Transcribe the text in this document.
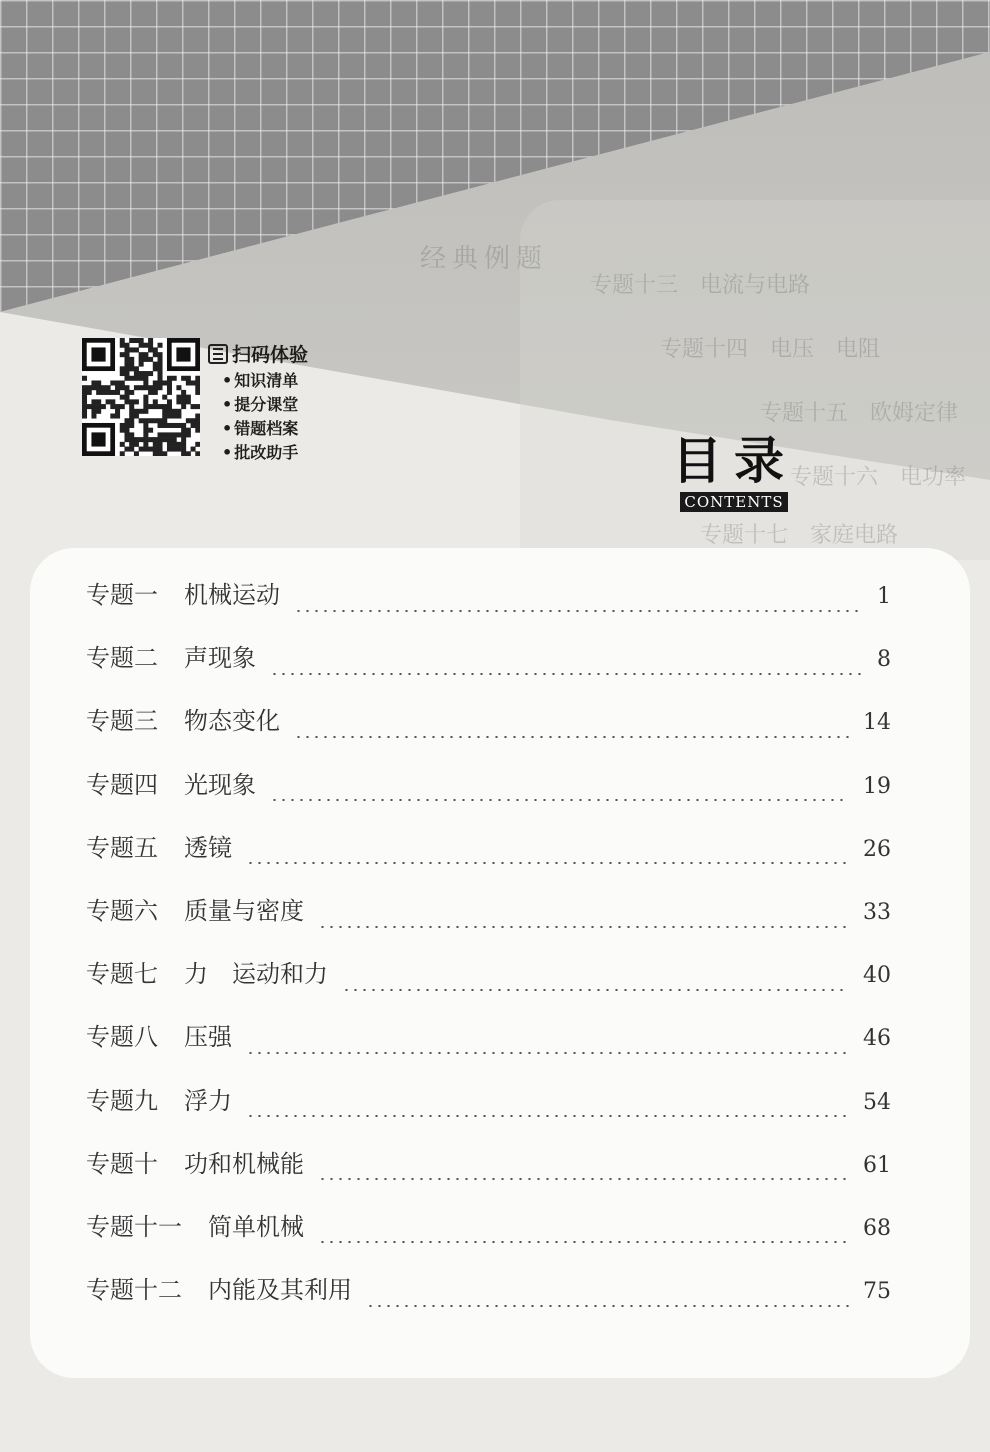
经典例题
专题十三　电流与电路
专题十四　电压　电阻
专题十五　欧姆定律
专题十六　电功率
专题十七　家庭电路
扫码体验
• 知识清单
• 提分课堂
• 错题档案
• 批改助手	目录
CONTENTS
专题一 机械运动	1
专题二 声现象	8
专题三 物态变化	14
专题四 光现象	19
专题五 透镜	26
专题六 质量与密度	33
专题七 力　运动和力	40
专题八 压强	46
专题九 浮力	54
专题十 功和机械能	61
专题十一 简单机械	68
专题十二 内能及其利用	75
